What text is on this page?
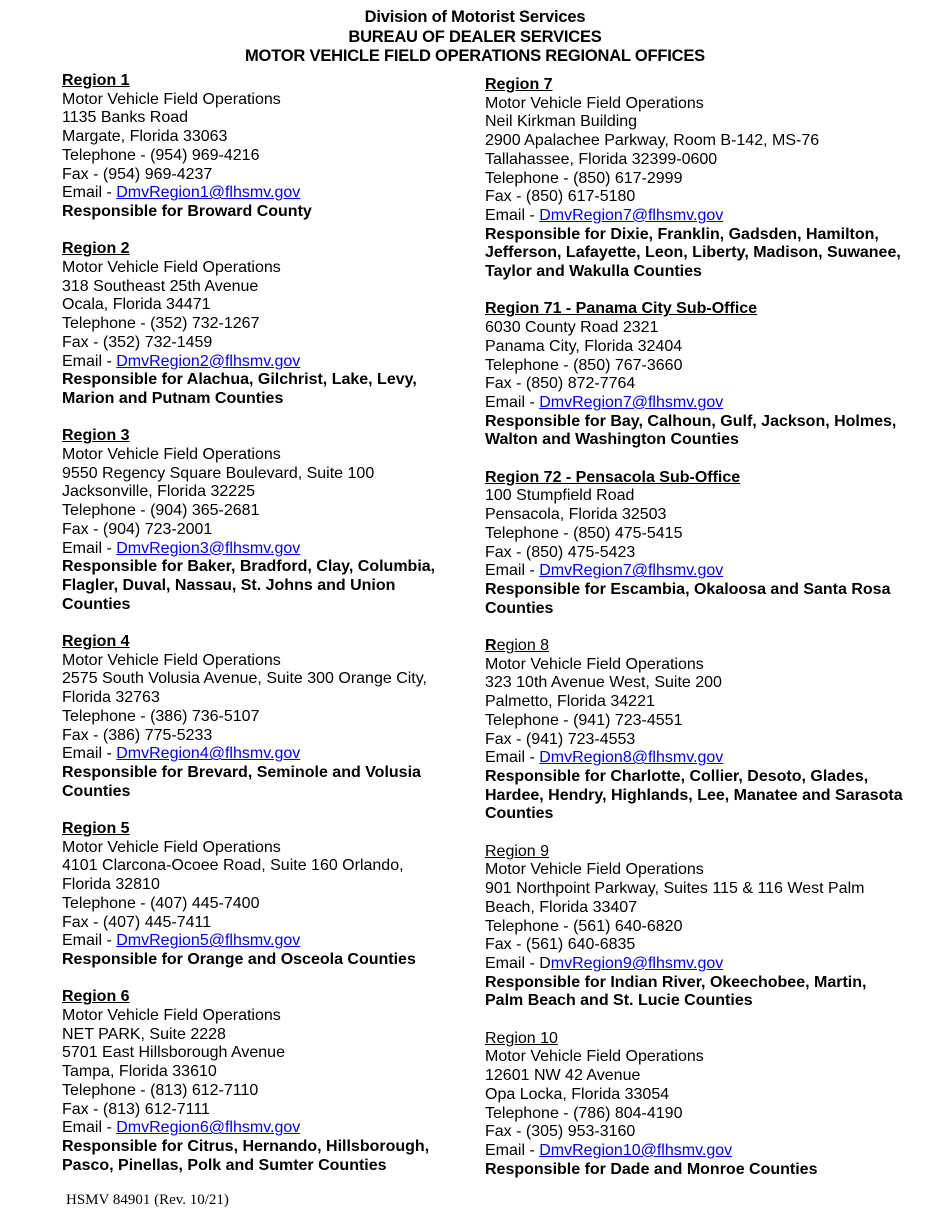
Division of Motorist Services
BUREAU OF DEALER SERVICES
MOTOR VEHICLE FIELD OPERATIONS REGIONAL OFFICES
Region 1
Motor Vehicle Field Operations
1135 Banks Road
Margate, Florida 33063
Telephone - (954) 969-4216
Fax - (954) 969-4237
Email - DmvRegion1@flhsmv.gov
Responsible for Broward County
Region 2
Motor Vehicle Field Operations
318 Southeast 25th Avenue
Ocala, Florida 34471
Telephone - (352) 732-1267
Fax - (352) 732-1459
Email - DmvRegion2@flhsmv.gov
Responsible for Alachua, Gilchrist, Lake, Levy, Marion and Putnam Counties
Region 3
Motor Vehicle Field Operations
9550 Regency Square Boulevard, Suite 100
Jacksonville, Florida 32225
Telephone - (904) 365-2681
Fax - (904) 723-2001
Email - DmvRegion3@flhsmv.gov
Responsible for Baker, Bradford, Clay, Columbia, Flagler, Duval, Nassau, St. Johns and Union Counties
Region 4
Motor Vehicle Field Operations
2575 South Volusia Avenue, Suite 300 Orange City, Florida 32763
Telephone - (386) 736-5107
Fax - (386) 775-5233
Email - DmvRegion4@flhsmv.gov
Responsible for Brevard, Seminole and Volusia Counties
Region 5
Motor Vehicle Field Operations
4101 Clarcona-Ocoee Road, Suite 160 Orlando, Florida 32810
Telephone - (407) 445-7400
Fax - (407) 445-7411
Email - DmvRegion5@flhsmv.gov
Responsible for Orange and Osceola Counties
Region 6
Motor Vehicle Field Operations
NET PARK, Suite 2228
5701 East Hillsborough Avenue
Tampa, Florida 33610
Telephone - (813) 612-7110
Fax - (813) 612-7111
Email - DmvRegion6@flhsmv.gov
Responsible for Citrus, Hernando, Hillsborough, Pasco, Pinellas, Polk and Sumter Counties
Region 7
Motor Vehicle Field Operations
Neil Kirkman Building
2900 Apalachee Parkway, Room B-142, MS-76
Tallahassee, Florida 32399-0600
Telephone - (850) 617-2999
Fax - (850) 617-5180
Email - DmvRegion7@flhsmv.gov
Responsible for Dixie, Franklin, Gadsden, Hamilton, Jefferson, Lafayette, Leon, Liberty, Madison, Suwanee, Taylor and Wakulla Counties
Region 71 - Panama City Sub-Office
6030 County Road 2321
Panama City, Florida 32404
Telephone - (850) 767-3660
Fax - (850) 872-7764
Email - DmvRegion7@flhsmv.gov
Responsible for Bay, Calhoun, Gulf, Jackson, Holmes, Walton and Washington Counties
Region 72 - Pensacola Sub-Office
100 Stumpfield Road
Pensacola, Florida 32503
Telephone - (850) 475-5415
Fax - (850) 475-5423
Email - DmvRegion7@flhsmv.gov
Responsible for Escambia, Okaloosa and Santa Rosa Counties
Region 8
Motor Vehicle Field Operations
323 10th Avenue West, Suite 200
Palmetto, Florida 34221
Telephone - (941) 723-4551
Fax - (941) 723-4553
Email - DmvRegion8@flhsmv.gov
Responsible for Charlotte, Collier, Desoto, Glades, Hardee, Hendry, Highlands, Lee, Manatee and Sarasota Counties
Region 9
Motor Vehicle Field Operations
901 Northpoint Parkway, Suites 115 & 116 West Palm Beach, Florida 33407
Telephone - (561) 640-6820
Fax - (561) 640-6835
Email - DmvRegion9@flhsmv.gov
Responsible for Indian River, Okeechobee, Martin, Palm Beach and St. Lucie Counties
Region 10
Motor Vehicle Field Operations
12601 NW 42 Avenue
Opa Locka, Florida 33054
Telephone - (786) 804-4190
Fax - (305) 953-3160
Email - DmvRegion10@flhsmv.gov
Responsible for Dade and Monroe Counties
HSMV 84901 (Rev. 10/21)
